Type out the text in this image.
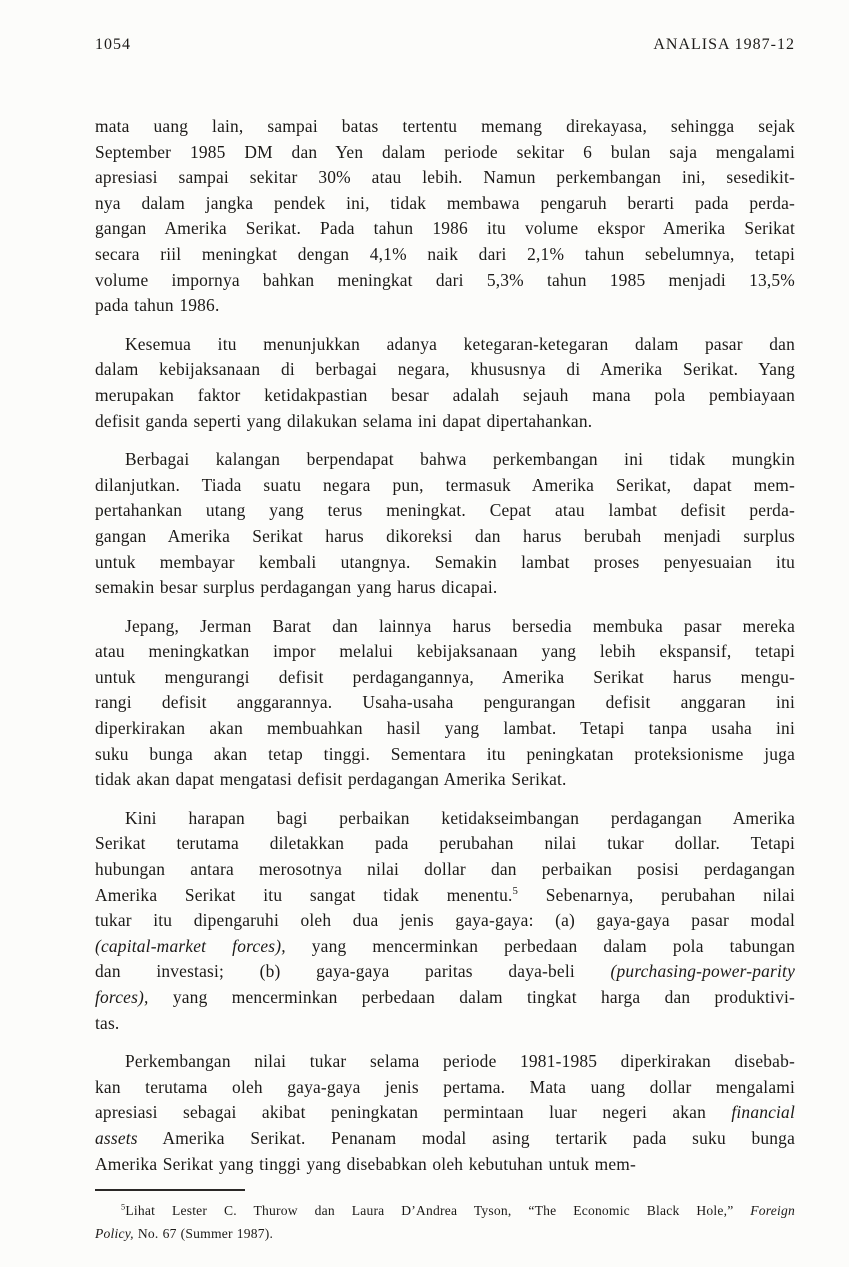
1054	ANALISA 1987-12
mata uang lain, sampai batas tertentu memang direkayasa, sehingga sejak
September 1985 DM dan Yen dalam periode sekitar 6 bulan saja mengalami
apresiasi sampai sekitar 30% atau lebih. Namun perkembangan ini, sesedikit-
nya dalam jangka pendek ini, tidak membawa pengaruh berarti pada perda-
gangan Amerika Serikat. Pada tahun 1986 itu volume ekspor Amerika Serikat
secara riil meningkat dengan 4,1% naik dari 2,1% tahun sebelumnya, tetapi
volume impornya bahkan meningkat dari 5,3% tahun 1985 menjadi 13,5%
pada tahun 1986.
Kesemua itu menunjukkan adanya ketegaran-ketegaran dalam pasar dan
dalam kebijaksanaan di berbagai negara, khususnya di Amerika Serikat. Yang
merupakan faktor ketidakpastian besar adalah sejauh mana pola pembiayaan
defisit ganda seperti yang dilakukan selama ini dapat dipertahankan.
Berbagai kalangan berpendapat bahwa perkembangan ini tidak mungkin
dilanjutkan. Tiada suatu negara pun, termasuk Amerika Serikat, dapat mem-
pertahankan utang yang terus meningkat. Cepat atau lambat defisit perda-
gangan Amerika Serikat harus dikoreksi dan harus berubah menjadi surplus
untuk membayar kembali utangnya. Semakin lambat proses penyesuaian itu
semakin besar surplus perdagangan yang harus dicapai.
Jepang, Jerman Barat dan lainnya harus bersedia membuka pasar mereka
atau meningkatkan impor melalui kebijaksanaan yang lebih ekspansif, tetapi
untuk mengurangi defisit perdagangannya, Amerika Serikat harus mengu-
rangi defisit anggarannya. Usaha-usaha pengurangan defisit anggaran ini
diperkirakan akan membuahkan hasil yang lambat. Tetapi tanpa usaha ini
suku bunga akan tetap tinggi. Sementara itu peningkatan proteksionisme juga
tidak akan dapat mengatasi defisit perdagangan Amerika Serikat.
Kini harapan bagi perbaikan ketidakseimbangan perdagangan Amerika
Serikat terutama diletakkan pada perubahan nilai tukar dollar. Tetapi
hubungan antara merosotnya nilai dollar dan perbaikan posisi perdagangan
Amerika Serikat itu sangat tidak menentu.$^5$ Sebenarnya, perubahan nilai
tukar itu dipengaruhi oleh dua jenis gaya-gaya: (a) gaya-gaya pasar modal
(capital-market forces), yang mencerminkan perbedaan dalam pola tabungan
dan investasi; (b) gaya-gaya paritas daya-beli (purchasing-power-parity
forces), yang mencerminkan perbedaan dalam tingkat harga dan produktivi-
tas.
Perkembangan nilai tukar selama periode 1981-1985 diperkirakan disebab-
kan terutama oleh gaya-gaya jenis pertama. Mata uang dollar mengalami
apresiasi sebagai akibat peningkatan permintaan luar negeri akan financial
assets Amerika Serikat. Penanam modal asing tertarik pada suku bunga
Amerika Serikat yang tinggi yang disebabkan oleh kebutuhan untuk mem-
$^5$Lihat Lester C. Thurow dan Laura D’Andrea Tyson, “The Economic Black Hole,” Foreign
Policy, No. 67 (Summer 1987).
